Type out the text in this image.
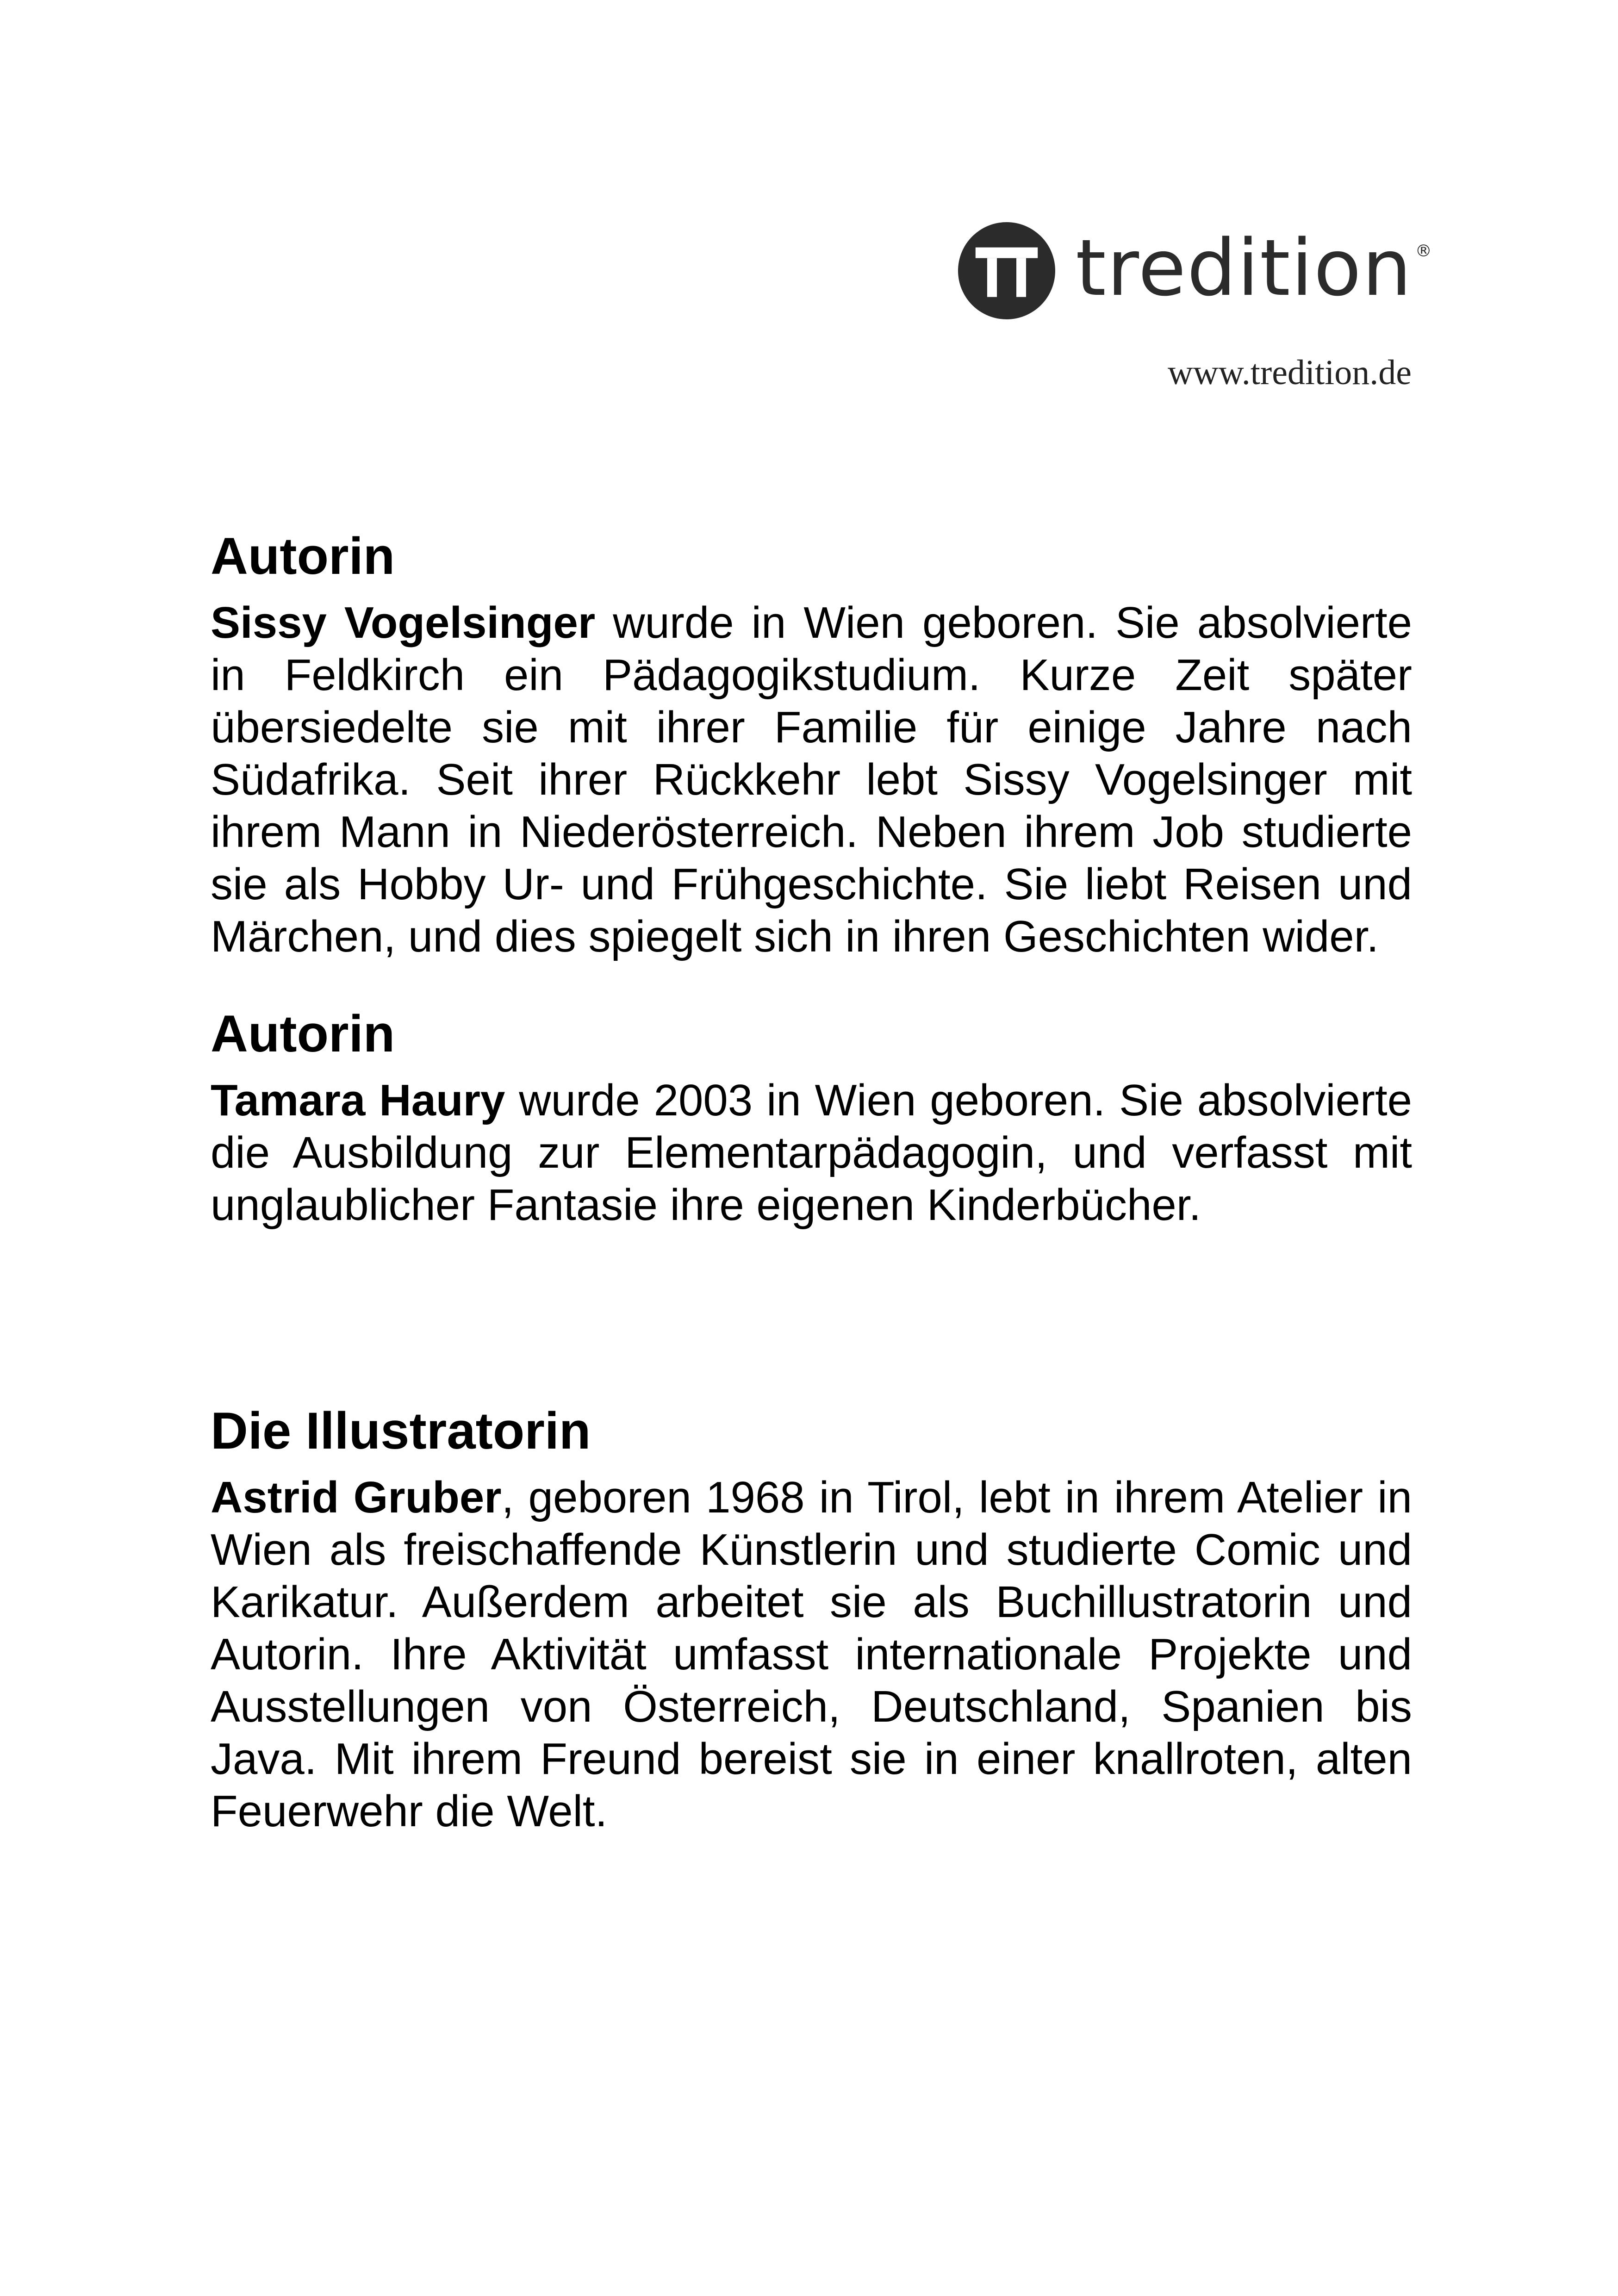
tredition ®
www.tredition.de
Autorin

Sissy Vogelsinger wurde in Wien geboren. Sie absolvierte in Feldkirch ein Pädagogikstudium. Kurze Zeit später übersiedelte sie mit ihrer Familie für einige Jahre nach Südafrika. Seit ihrer Rückkehr lebt Sissy Vogelsinger mit ihrem Mann in Niederösterreich. Neben ihrem Job studierte sie als Hobby Ur- und Frühgeschichte. Sie liebt Reisen und Märchen, und dies spiegelt sich in ihren Geschichten wider.

Autorin

Tamara Haury wurde 2003 in Wien geboren. Sie absolvierte die Ausbildung zur Elementarpädagogin, und verfasst mit unglaublicher Fantasie ihre eigenen Kinderbücher.

Die Illustratorin

Astrid Gruber, geboren 1968 in Tirol, lebt in ihrem Atelier in Wien als freischaffende Künstlerin und studierte Comic und Karikatur. Außerdem arbeitet sie als Buchillustratorin und Autorin. Ihre Aktivität umfasst internationale Projekte und Ausstellungen von Österreich, Deutschland, Spanien bis Java. Mit ihrem Freund bereist sie in einer knallroten, alten Feuerwehr die Welt.
